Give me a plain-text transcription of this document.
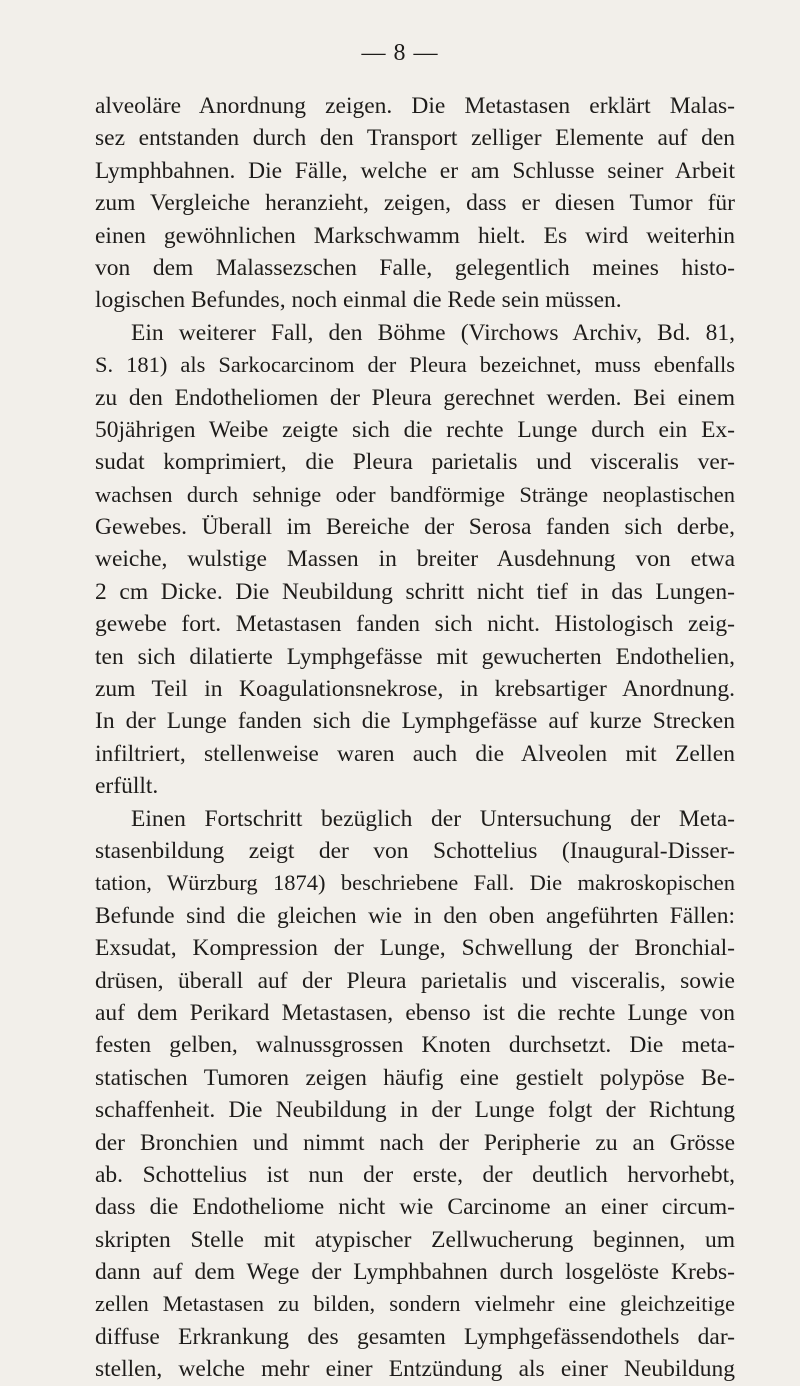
— 8 —
alveoläre Anordnung zeigen. Die Metastasen erklärt Malas-
sez entstanden durch den Transport zelliger Elemente auf den
Lymphbahnen. Die Fälle, welche er am Schlusse seiner Arbeit
zum Vergleiche heranzieht, zeigen, dass er diesen Tumor für
einen gewöhnlichen Markschwamm hielt. Es wird weiterhin
von dem Malassezschen Falle, gelegentlich meines histo-
logischen Befundes, noch einmal die Rede sein müssen.
Ein weiterer Fall, den Böhme (Virchows Archiv, Bd. 81,
S. 181) als Sarkocarcinom der Pleura bezeichnet, muss ebenfalls
zu den Endotheliomen der Pleura gerechnet werden. Bei einem
50jährigen Weibe zeigte sich die rechte Lunge durch ein Ex-
sudat komprimiert, die Pleura parietalis und visceralis ver-
wachsen durch sehnige oder bandförmige Stränge neoplastischen
Gewebes. Überall im Bereiche der Serosa fanden sich derbe,
weiche, wulstige Massen in breiter Ausdehnung von etwa
2 cm Dicke. Die Neubildung schritt nicht tief in das Lungen-
gewebe fort. Metastasen fanden sich nicht. Histologisch zeig-
ten sich dilatierte Lymphgefässe mit gewucherten Endothelien,
zum Teil in Koagulationsnekrose, in krebsartiger Anordnung.
In der Lunge fanden sich die Lymphgefässe auf kurze Strecken
infiltriert, stellenweise waren auch die Alveolen mit Zellen
erfüllt.
Einen Fortschritt bezüglich der Untersuchung der Meta-
stasenbildung zeigt der von Schottelius (Inaugural-Disser-
tation, Würzburg 1874) beschriebene Fall. Die makroskopischen
Befunde sind die gleichen wie in den oben angeführten Fällen:
Exsudat, Kompression der Lunge, Schwellung der Bronchial-
drüsen, überall auf der Pleura parietalis und visceralis, sowie
auf dem Perikard Metastasen, ebenso ist die rechte Lunge von
festen gelben, walnussgrossen Knoten durchsetzt. Die meta-
statischen Tumoren zeigen häufig eine gestielt polypöse Be-
schaffenheit. Die Neubildung in der Lunge folgt der Richtung
der Bronchien und nimmt nach der Peripherie zu an Grösse
ab. Schottelius ist nun der erste, der deutlich hervorhebt,
dass die Endotheliome nicht wie Carcinome an einer circum-
skripten Stelle mit atypischer Zellwucherung beginnen, um
dann auf dem Wege der Lymphbahnen durch losgelöste Krebs-
zellen Metastasen zu bilden, sondern vielmehr eine gleichzeitige
diffuse Erkrankung des gesamten Lymphgefässendothels dar-
stellen, welche mehr einer Entzündung als einer Neubildung
